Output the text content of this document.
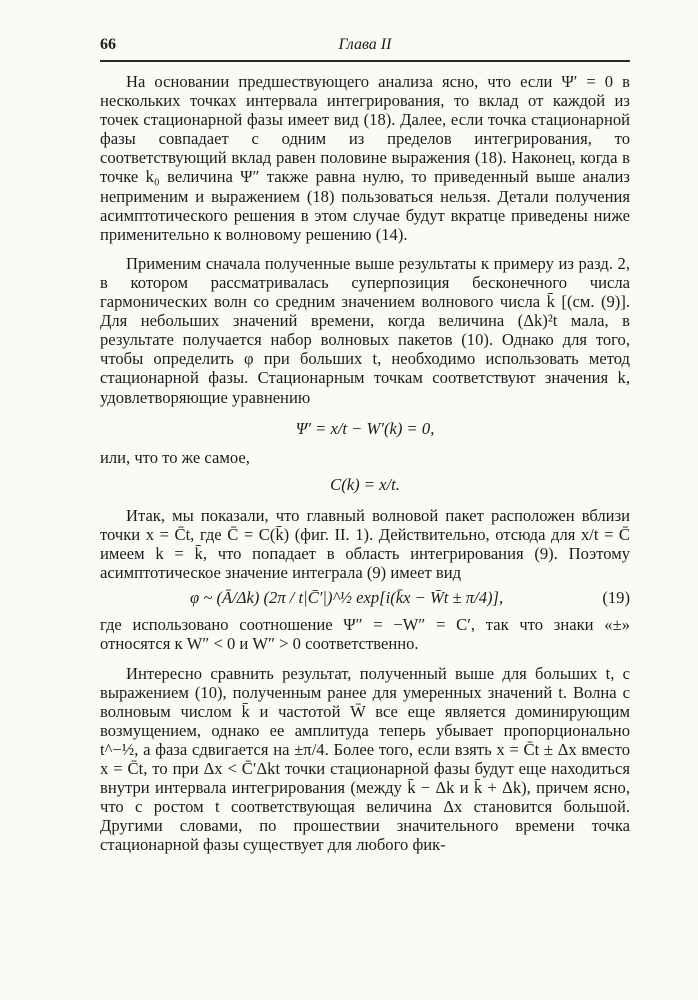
66	Глава II

На основании предшествующего анализа ясно, что если Ψ′ = 0 в нескольких точках интервала интегрирования, то вклад от каждой из точек стационарной фазы имеет вид (18). Далее, если точка стационарной фазы совпадает с одним из пределов интегрирования, то соответствующий вклад равен половине выражения (18). Наконец, когда в точке k₀ величина Ψ″ также равна нулю, то приведенный выше анализ неприменим и выражением (18) пользоваться нельзя. Детали получения асимптотического решения в этом случае будут вкратце приведены ниже применительно к волновому решению (14).

Применим сначала полученные выше результаты к примеру из разд. 2, в котором рассматривалась суперпозиция бесконечного числа гармонических волн со средним значением волнового числа k̄ [(см. (9)]. Для небольших значений времени, когда величина (Δk)²t мала, в результате получается набор волновых пакетов (10). Однако для того, чтобы определить φ при больших t, необходимо использовать метод стационарной фазы. Стационарным точкам соответствуют значения k, удовлетворяющие уравнению

Ψ′ = x/t − W′(k) = 0,

или, что то же самое,

C(k) = x/t.

Итак, мы показали, что главный волновой пакет расположен вблизи точки x = C̄t, где C̄ = C(k̄) (фиг. II. 1). Действительно, отсюда для x/t = C̄ имеем k = k̄, что попадает в область интегрирования (9). Поэтому асимптотическое значение интеграла (9) имеет вид

φ ~ (Ā/Δk) (2π / t|C̄′|)^½ exp[i(k̄x − W̄t ± π/4)],	(19)

где использовано соотношение Ψ″ = −W″ = C′, так что знаки «±» относятся к W″ < 0 и W″ > 0 соответственно.

Интересно сравнить результат, полученный выше для больших t, с выражением (10), полученным ранее для умеренных значений t. Волна с волновым числом k̄ и частотой W̄ все еще является доминирующим возмущением, однако ее амплитуда теперь убывает пропорционально t^−½, а фаза сдвигается на ±π/4. Более того, если взять x = C̄t ± Δx вместо x = C̄t, то при Δx < C̄′Δkt точки стационарной фазы будут еще находиться внутри интервала интегрирования (между k̄ − Δk и k̄ + Δk), причем ясно, что с ростом t соответствующая величина Δx становится большой. Другими словами, по прошествии значительного времени точка стационарной фазы существует для любого фик-
